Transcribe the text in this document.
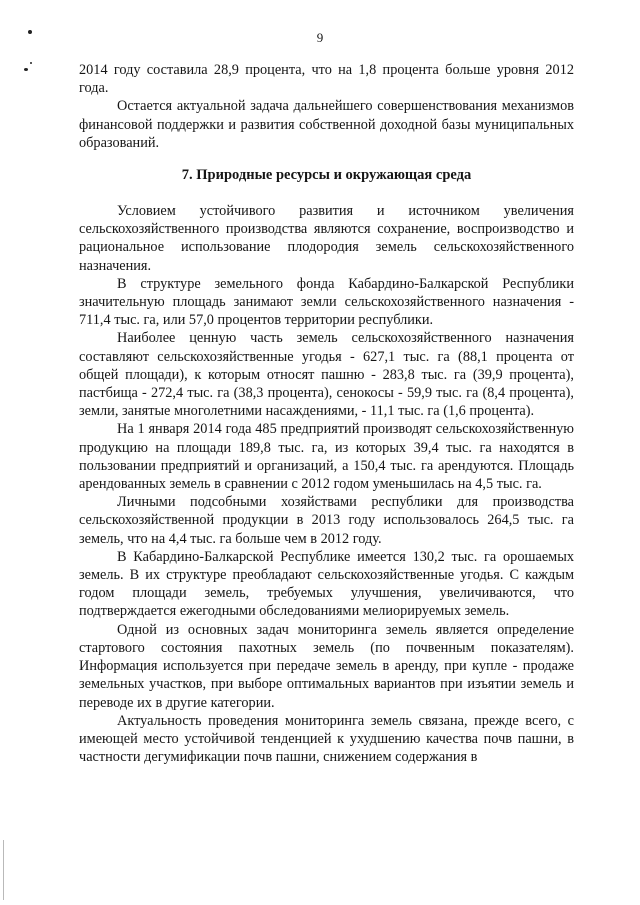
9

2014 году составила 28,9 процента, что на 1,8 процента больше уровня 2012 года.

Остается актуальной задача дальнейшего совершенствования механизмов финансовой поддержки и развития собственной доходной базы муниципальных образований.

7. Природные ресурсы и окружающая среда

Условием устойчивого развития и источником увеличения сельскохозяйственного производства являются сохранение, воспроизводство и рациональное использование плодородия земель сельскохозяйственного назначения.

В структуре земельного фонда Кабардино-Балкарской Республики значительную площадь занимают земли сельскохозяйственного назначения - 711,4 тыс. га, или 57,0 процентов территории республики.

Наиболее ценную часть земель сельскохозяйственного назначения составляют сельскохозяйственные угодья - 627,1 тыс. га (88,1 процента от общей площади), к которым относят пашню - 283,8 тыс. га (39,9 процента), пастбища - 272,4 тыс. га (38,3 процента), сенокосы - 59,9 тыс. га (8,4 процента), земли, занятые многолетними насаждениями, - 11,1 тыс. га (1,6 процента).

На 1 января 2014 года 485 предприятий производят сельскохозяйственную продукцию на площади 189,8 тыс. га, из которых 39,4 тыс. га находятся в пользовании предприятий и организаций, а 150,4 тыс. га арендуются. Площадь арендованных земель в сравнении с 2012 годом уменьшилась на 4,5 тыс. га.

Личными подсобными хозяйствами республики для производства сельскохозяйственной продукции в 2013 году использовалось 264,5 тыс. га земель, что на 4,4 тыс. га больше чем в 2012 году.

В Кабардино-Балкарской Республике имеется 130,2 тыс. га орошаемых земель. В их структуре преобладают сельскохозяйственные угодья. С каждым годом площади земель, требуемых улучшения, увеличиваются, что подтверждается ежегодными обследованиями мелиорируемых земель.

Одной из основных задач мониторинга земель является определение стартового состояния пахотных земель (по почвенным показателям). Информация используется при передаче земель в аренду, при купле - продаже земельных участков, при выборе оптимальных вариантов при изъятии земель и переводе их в другие категории.

Актуальность проведения мониторинга земель связана, прежде всего, с имеющей место устойчивой тенденцией к ухудшению качества почв пашни, в частности дегумификации почв пашни, снижением содержания в
